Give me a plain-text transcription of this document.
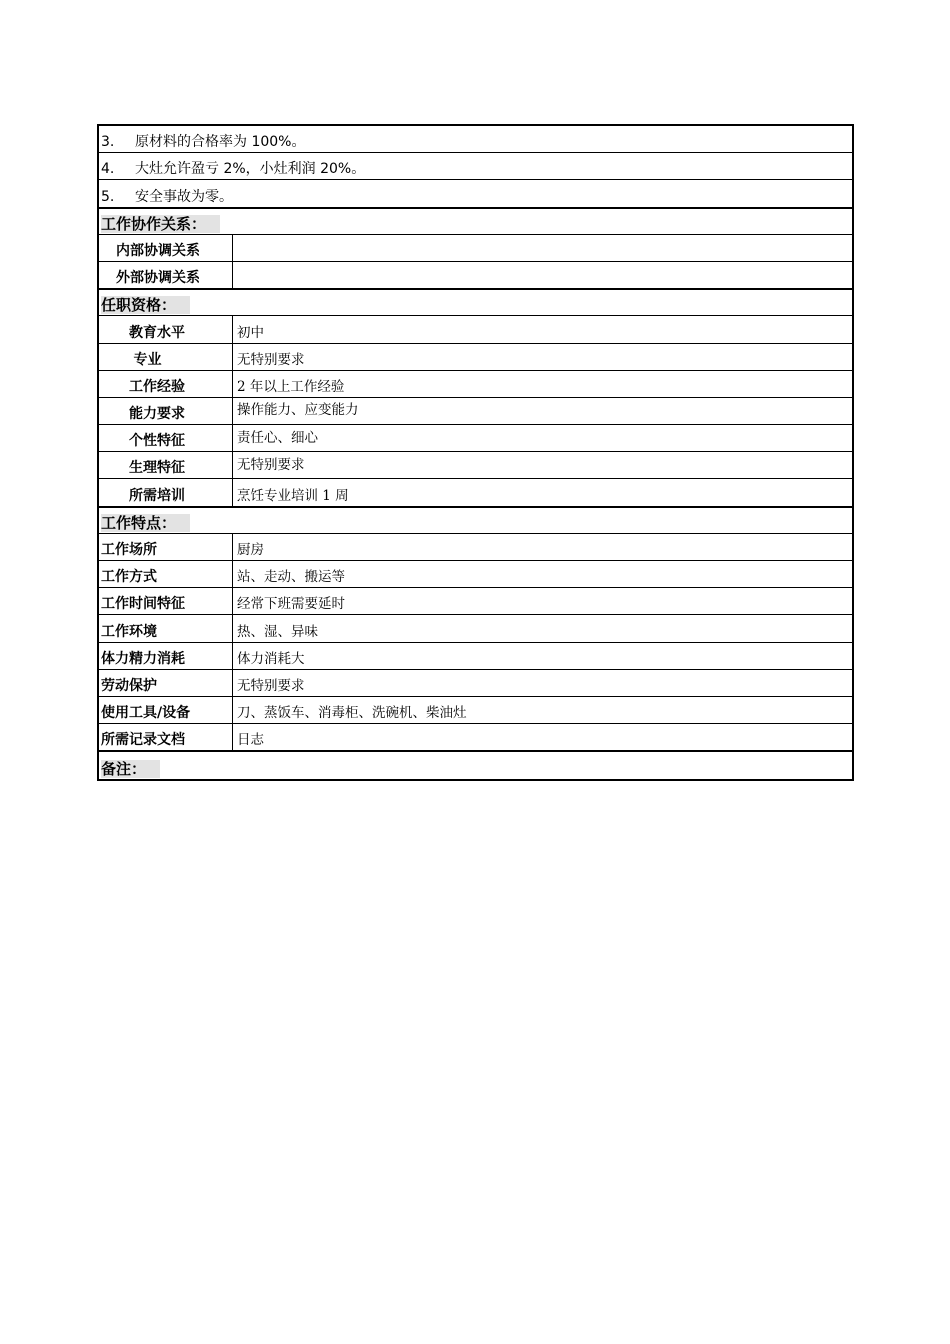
3.	原材料的合格率为 100%。
4.	大灶允许盈亏 2%，小灶利润 20%。
5.	安全事故为零。
工作协作关系：
内部协调关系
外部协调关系
任职资格：
教育水平	初中
专业	无特别要求
工作经验	2 年以上工作经验
能力要求	操作能力、应变能力
个性特征	责任心、细心
生理特征	无特别要求
所需培训	烹饪专业培训 1 周
工作特点：
工作场所	厨房
工作方式	站、走动、搬运等
工作时间特征	经常下班需要延时
工作环境	热、湿、异味
体力精力消耗	体力消耗大
劳动保护	无特别要求
使用工具/设备	刀、蒸饭车、消毒柜、洗碗机、柴油灶
所需记录文档	日志
备注：
